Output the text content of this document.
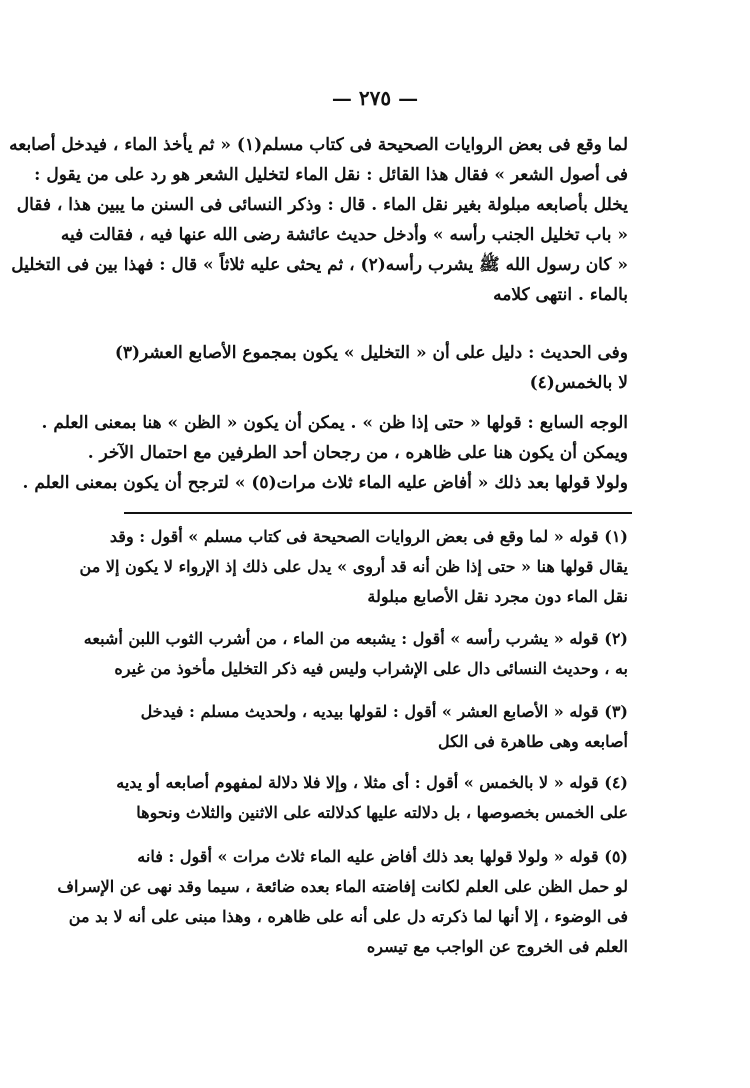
— ٢٧٥ —
لما وقع فى بعض الروايات الصحيحة فى كتاب مسلم(١) « ثم يأخذ الماء ، فيدخل أصابعه
فى أصول الشعر » فقال هذا القائل : نقل الماء لتخليل الشعر هو رد على من يقول :
يخلل بأصابعه مبلولة بغير نقل الماء . قال : وذكر النسائى فى السنن ما يبين هذا ، فقال
« باب تخليل الجنب رأسه » وأدخل حديث عائشة رضى الله عنها فيه ، فقالت فيه
« كان رسول الله ﷺ يشرب رأسه(٢) ، ثم يحثى عليه ثلاثاً » قال : فهذا بين فى التخليل
بالماء . انتهى كلامه
وفى الحديث : دليل على أن « التخليل » يكون بمجموع الأصابع العشر(٣)
لا بالخمس(٤)
الوجه السابع : قولها « حتى إذا ظن » . يمكن أن يكون « الظن » هنا بمعنى العلم .
ويمكن أن يكون هنا على ظاهره ، من رجحان أحد الطرفين مع احتمال الآخر .
ولولا قولها بعد ذلك « أفاض عليه الماء ثلاث مرات(٥) » لترجح أن يكون بمعنى العلم .
(١) قوله « لما وقع فى بعض الروايات الصحيحة فى كتاب مسلم » أقول : وقد
يقال قولها هنا « حتى إذا ظن أنه قد أروى » يدل على ذلك إذ الإرواء لا يكون إلا من
نقل الماء دون مجرد نقل الأصابع مبلولة
(٢) قوله « يشرب رأسه » أقول : يشبعه من الماء ، من أشرب الثوب اللبن أشبعه
به ، وحديث النسائى دال على الإشراب وليس فيه ذكر التخليل مأخوذ من غيره
(٣) قوله « الأصابع العشر » أقول : لقولها بيديه ، ولحديث مسلم : فيدخل
أصابعه وهى طاهرة فى الكل
(٤) قوله « لا بالخمس » أقول : أى مثلا ، وإلا فلا دلالة لمفهوم أصابعه أو يديه
على الخمس بخصوصها ، بل دلالته عليها كدلالته على الاثنين والثلاث ونحوها
(٥) قوله « ولولا قولها بعد ذلك أفاض عليه الماء ثلاث مرات » أقول : فانه
لو حمل الظن على العلم لكانت إفاضته الماء بعده ضائعة ، سيما وقد نهى عن الإسراف
فى الوضوء ، إلا أنها لما ذكرته دل على أنه على ظاهره ، وهذا مبنى على أنه لا بد من
العلم فى الخروج عن الواجب مع تيسره
